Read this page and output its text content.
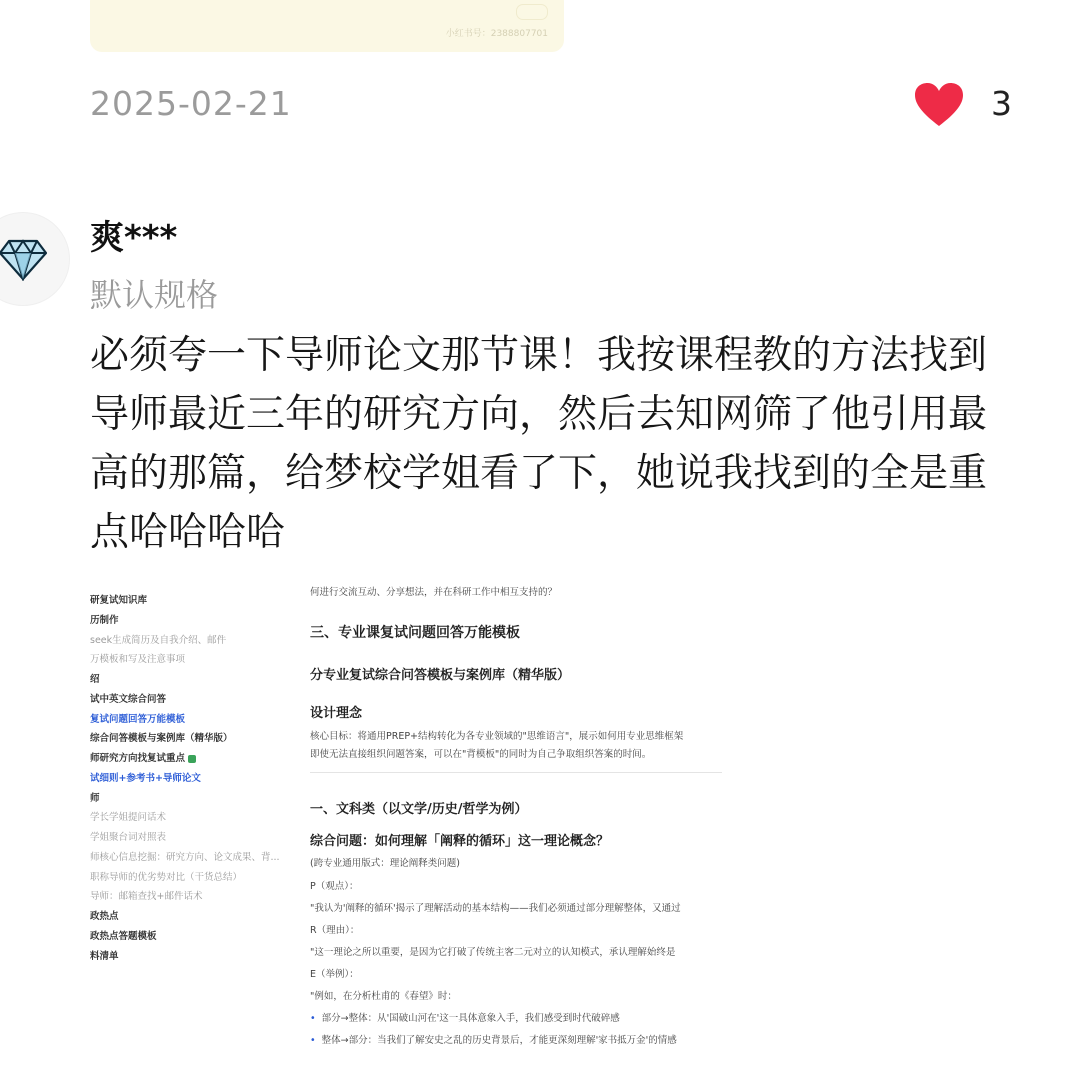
小红书号：2388807701
2025-02-21	3
爽***
默认规格

必须夸一下导师论文那节课！我按课程教的方法找到导师最近三年的研究方向，然后去知网筛了他引用最高的那篇，给梦校学姐看了下，她说我找到的全是重点哈哈哈哈

研复试知识库
历制作
seek生成简历及自我介绍、邮件
万模板和写及注意事项
绍
试中英文综合问答
复试问题回答万能模板
综合问答模板与案例库（精华版）
师研究方向找复试重点
试细则+参考书+导师论文
师
学长学姐提问话术
学姐聚台词对照表
师核心信息挖掘：研究方向、论文成果、背...
职称导师的优劣势对比（干货总结）
导师：邮箱查找+邮件话术
政热点
政热点答题模板
料清单
何进行交流互动、分享想法，并在科研工作中相互支持的？
三、专业课复试问题回答万能模板
分专业复试综合问答模板与案例库（精华版）
设计理念
核心目标：将通用PREP+结构转化为各专业领域的"思维语言"，展示如何用专业思维框架
即使无法直接组织问题答案，可以在"背模板"的同时为自己争取组织答案的时间。
一、文科类（以文学/历史/哲学为例）
综合问题：如何理解「阐释的循环」这一理论概念？
(跨专业通用版式：理论阐释类问题)
P（观点）：
"我认为'阐释的循环'揭示了理解活动的基本结构——我们必须通过部分理解整体，又通过
R（理由）：
"这一理论之所以重要，是因为它打破了传统主客二元对立的认知模式，承认理解始终是
E（举例）：
"例如，在分析杜甫的《春望》时：
• 部分→整体：从'国破山河在'这一具体意象入手，我们感受到时代破碎感
• 整体→部分：当我们了解安史之乱的历史背景后，才能更深刻理解'家书抵万金'的情感
